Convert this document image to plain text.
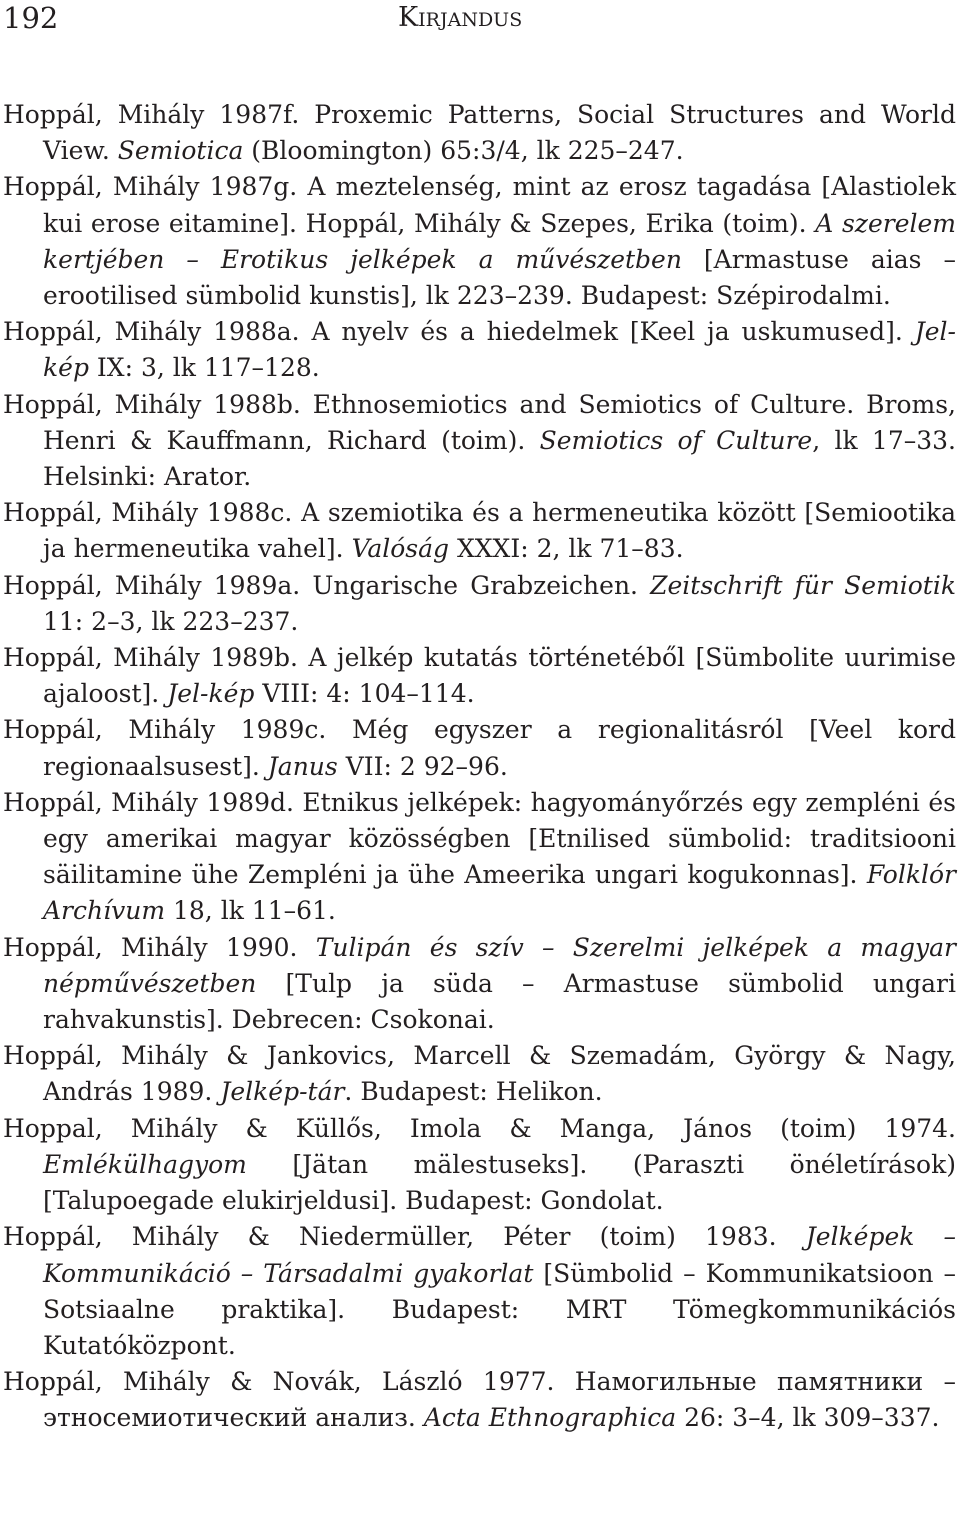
192	Kirjandus
Hoppál, Mihály 1987f. Proxemic Patterns, Social Structures and World View. Semiotica (Bloomington) 65:3/4, lk 225–247.
Hoppál, Mihály 1987g. A meztelenség, mint az erosz tagadása [Alastiolek kui erose eitamine]. Hoppál, Mihály & Szepes, Erika (toim). A szerelem kertjében – Erotikus jelképek a művészetben [Armastuse aias – erootilised sümbolid kunstis], lk 223–239. Budapest: Szépirodalmi.
Hoppál, Mihály 1988a. A nyelv és a hiedelmek [Keel ja uskumused]. Jel-kép IX: 3, lk 117–128.
Hoppál, Mihály 1988b. Ethnosemiotics and Semiotics of Culture. Broms, Henri & Kauffmann, Richard (toim). Semiotics of Culture, lk 17–33. Helsinki: Arator.
Hoppál, Mihály 1988c. A szemiotika és a hermeneutika között [Semiootika ja hermeneutika vahel]. Valóság XXXI: 2, lk 71–83.
Hoppál, Mihály 1989a. Ungarische Grabzeichen. Zeitschrift für Semiotik 11: 2–3, lk 223–237.
Hoppál, Mihály 1989b. A jelkép kutatás történetéből [Sümbolite uurimise ajaloost]. Jel-kép VIII: 4: 104–114.
Hoppál, Mihály 1989c. Még egyszer a regionalitásról [Veel kord regionaalsusest]. Janus VII: 2 92–96.
Hoppál, Mihály 1989d. Etnikus jelképek: hagyományőrzés egy zempléni és egy amerikai magyar közösségben [Etnilised sümbolid: traditsiooni säilitamine ühe Zempléni ja ühe Ameerika ungari kogukonnas]. Folklór Archívum 18, lk 11–61.
Hoppál, Mihály 1990. Tulipán és szív – Szerelmi jelképek a magyar népművészetben [Tulp ja süda – Armastuse sümbolid ungari rahvakunstis]. Debrecen: Csokonai.
Hoppál, Mihály & Jankovics, Marcell & Szemadám, György & Nagy, András 1989. Jelkép-tár. Budapest: Helikon.
Hoppal, Mihály & Küllős, Imola & Manga, János (toim) 1974. Emlékülhagyom [Jätan mälestuseks]. (Paraszti önéletírások) [Talupoegade elukirjeldusi]. Budapest: Gondolat.
Hoppál, Mihály & Niedermüller, Péter (toim) 1983. Jelképek – Kommunikáció – Társadalmi gyakorlat [Sümbolid – Kommunikatsioon – Sotsiaalne praktika]. Budapest: MRT Tömegkommunikációs Kutatóközpont.
Hoppál, Mihály & Novák, László 1977. Намогильные памятники – этносемиотический анализ. Acta Ethnographica 26: 3–4, lk 309–337.
